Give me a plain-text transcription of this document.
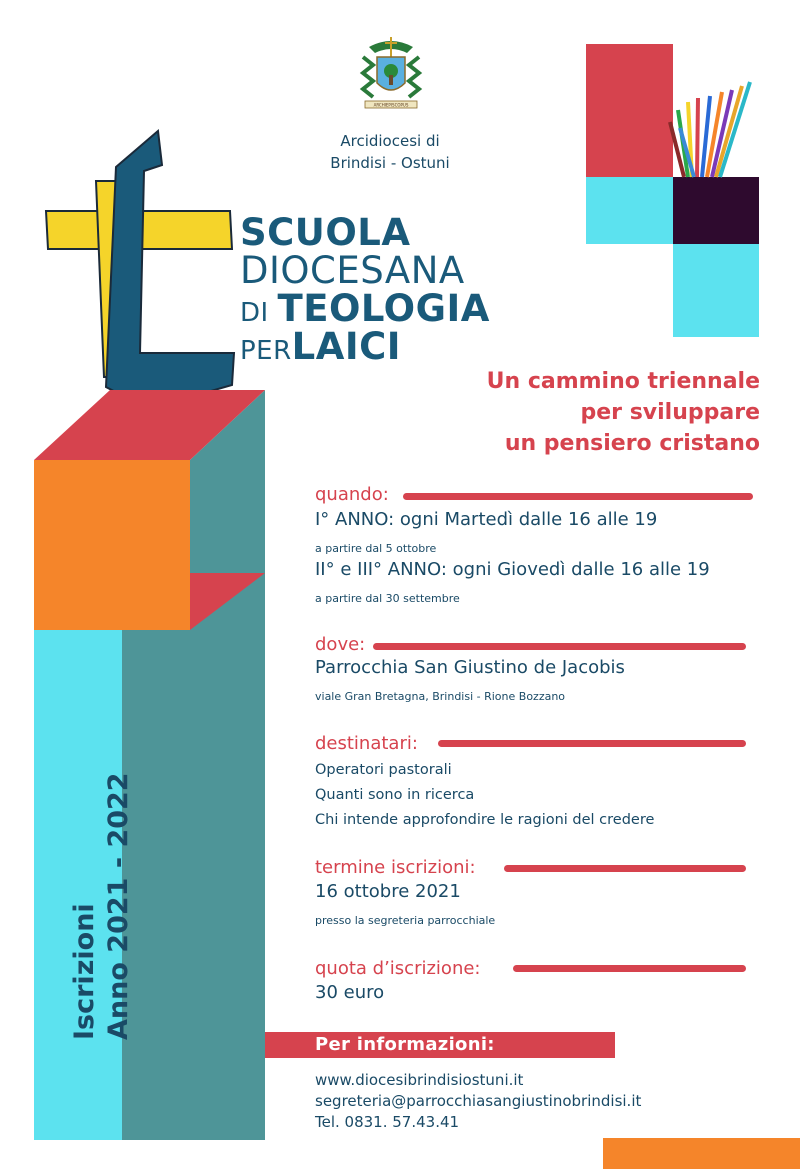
ARCHIEPISCOPUS
Arcidiocesi di
Brindisi - Ostuni
SCUOLA
DIOCESANA
DI TEOLOGIA
PERLAICI
Un cammino triennale
per sviluppare
un pensiero cristano
Iscrizioni Anno 2021 - 2022
quando:
I° ANNO: ogni Martedì dalle 16 alle 19
a partire dal 5 ottobre
II° e III° ANNO: ogni Giovedì dalle 16 alle 19
a partire dal 30 settembre
dove:
Parrocchia San Giustino de Jacobis
viale Gran Bretagna, Brindisi - Rione Bozzano
destinatari:
Operatori pastorali
Quanti sono in ricerca
Chi intende approfondire le ragioni del credere
termine iscrizioni:
16 ottobre 2021
presso la segreteria parrocchiale
quota d’iscrizione:
30 euro
Per informazioni:
www.diocesibrindisiostuni.it
segreteria@parrocchiasangiustinobrindisi.it
Tel. 0831. 57.43.41
